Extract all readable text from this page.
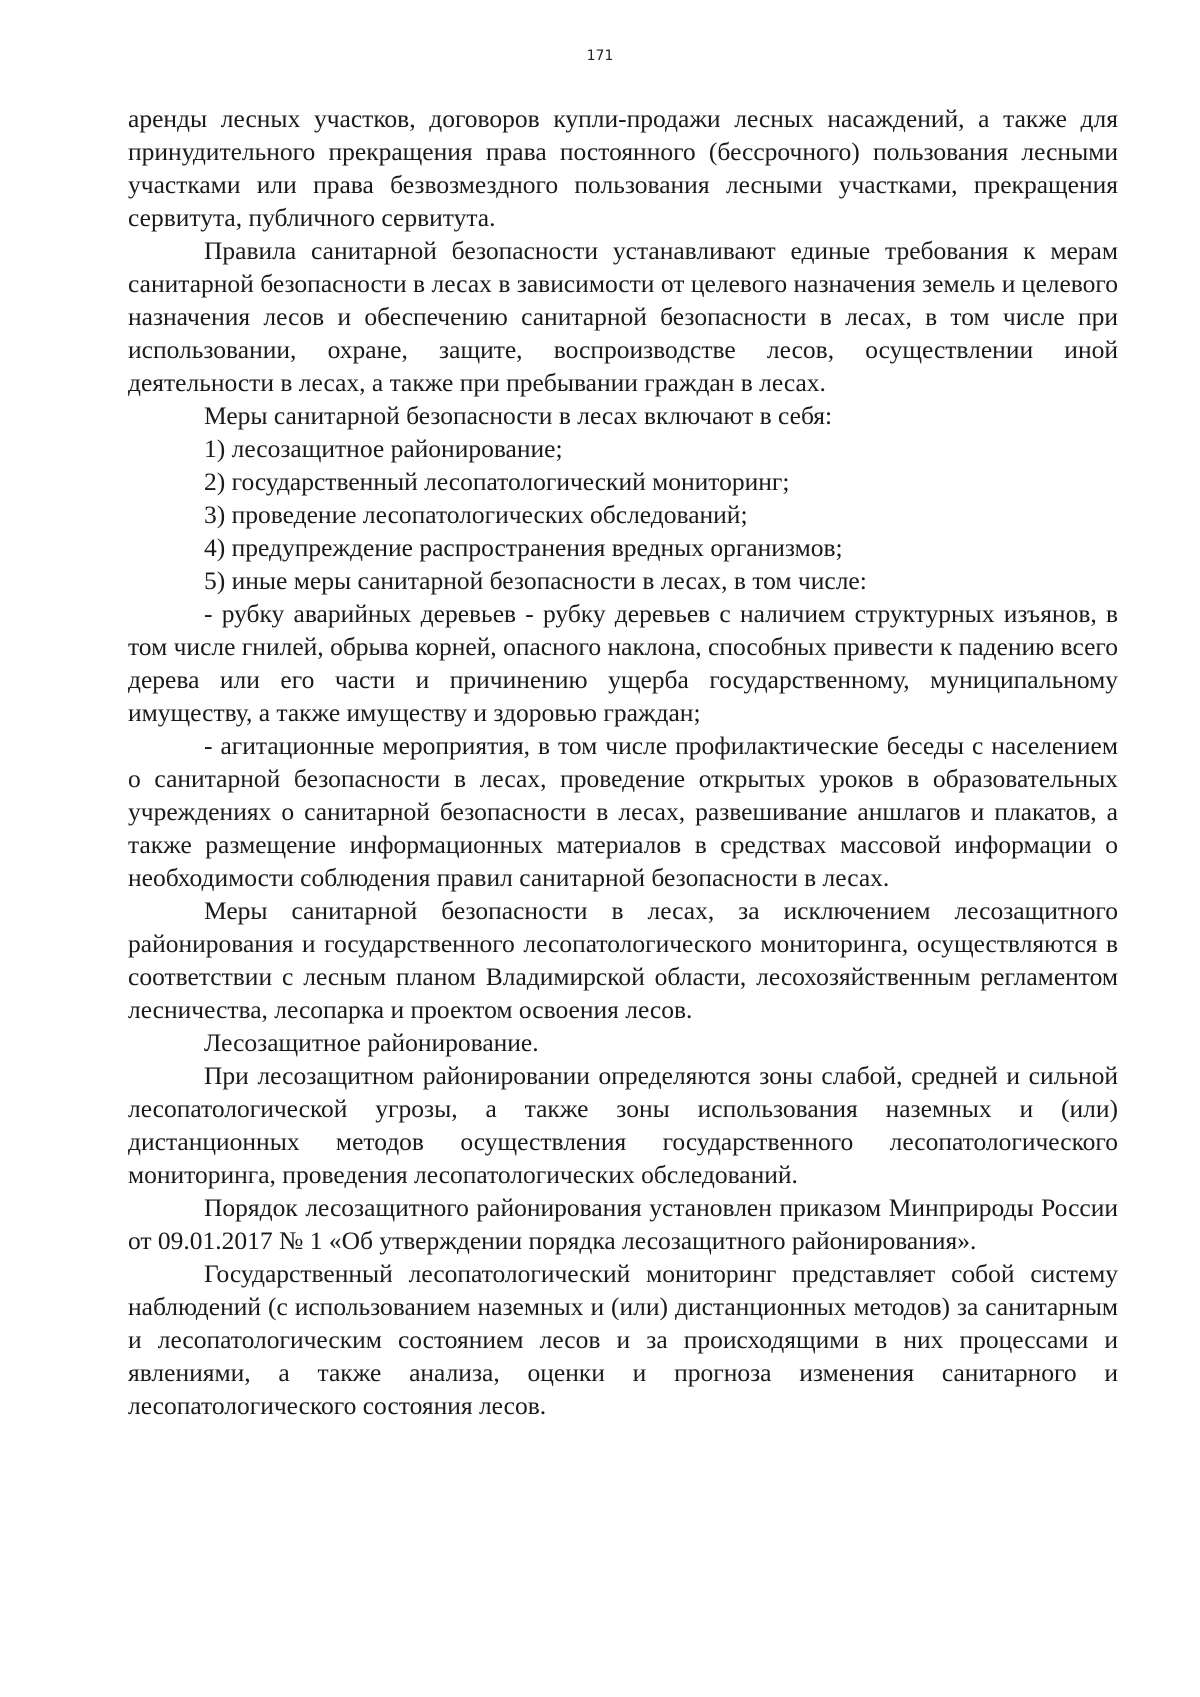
171

аренды лесных участков, договоров купли-продажи лесных насаждений, а также для принудительного прекращения права постоянного (бессрочного) пользования лесными участками или права безвозмездного пользования лесными участками, прекращения сервитута, публичного сервитута.

Правила санитарной безопасности устанавливают единые требования к мерам санитарной безопасности в лесах в зависимости от целевого назначения земель и целевого назначения лесов и обеспечению санитарной безопасности в лесах, в том числе при использовании, охране, защите, воспроизводстве лесов, осуществлении иной деятельности в лесах, а также при пребывании граждан в лесах.

Меры санитарной безопасности в лесах включают в себя:

1) лесозащитное районирование;

2) государственный лесопатологический мониторинг;

3) проведение лесопатологических обследований;

4) предупреждение распространения вредных организмов;

5) иные меры санитарной безопасности в лесах, в том числе:

- рубку аварийных деревьев - рубку деревьев с наличием структурных изъянов, в том числе гнилей, обрыва корней, опасного наклона, способных привести к падению всего дерева или его части и причинению ущерба государственному, муниципальному имуществу, а также имуществу и здоровью граждан;

- агитационные мероприятия, в том числе профилактические беседы с населением о санитарной безопасности в лесах, проведение открытых уроков в образовательных учреждениях о санитарной безопасности в лесах, развешивание аншлагов и плакатов, а также размещение информационных материалов в средствах массовой информации о необходимости соблюдения правил санитарной безопасности в лесах.

Меры санитарной безопасности в лесах, за исключением лесозащитного районирования и государственного лесопатологического мониторинга, осуществляются в соответствии с лесным планом Владимирской области, лесохозяйственным регламентом лесничества, лесопарка и проектом освоения лесов.

Лесозащитное районирование.

При лесозащитном районировании определяются зоны слабой, средней и сильной лесопатологической угрозы, а также зоны использования наземных и (или) дистанционных методов осуществления государственного лесопатологического мониторинга, проведения лесопатологических обследований.

Порядок лесозащитного районирования установлен приказом Минприроды России от 09.01.2017 № 1 «Об утверждении порядка лесозащитного районирования».

Государственный лесопатологический мониторинг представляет собой систему наблюдений (с использованием наземных и (или) дистанционных методов) за санитарным и лесопатологическим состоянием лесов и за происходящими в них процессами и явлениями, а также анализа, оценки и прогноза изменения санитарного и лесопатологического состояния лесов.
